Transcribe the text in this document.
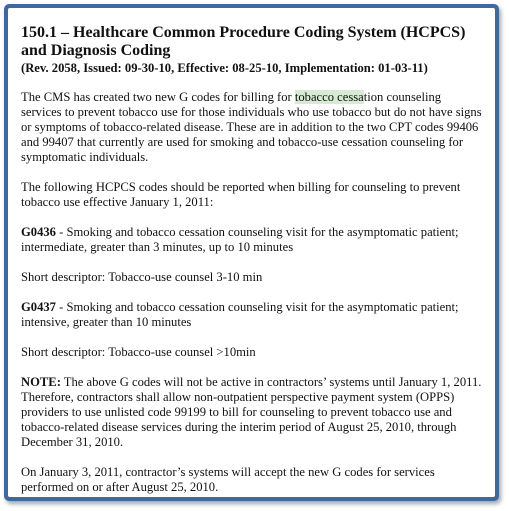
150.1 – Healthcare Common Procedure Coding System (HCPCS) and Diagnosis Coding
(Rev. 2058, Issued: 09-30-10, Effective: 08-25-10, Implementation: 01-03-11)

The CMS has created two new G codes for billing for tobacco cessation counseling services to prevent tobacco use for those individuals who use tobacco but do not have signs or symptoms of tobacco-related disease. These are in addition to the two CPT codes 99406 and 99407 that currently are used for smoking and tobacco-use cessation counseling for symptomatic individuals.

The following HCPCS codes should be reported when billing for counseling to prevent tobacco use effective January 1, 2011:

G0436 - Smoking and tobacco cessation counseling visit for the asymptomatic patient; intermediate, greater than 3 minutes, up to 10 minutes

Short descriptor: Tobacco-use counsel 3-10 min

G0437 - Smoking and tobacco cessation counseling visit for the asymptomatic patient; intensive, greater than 10 minutes

Short descriptor: Tobacco-use counsel >10min

NOTE: The above G codes will not be active in contractors’ systems until January 1, 2011. Therefore, contractors shall allow non-outpatient perspective payment system (OPPS) providers to use unlisted code 99199 to bill for counseling to prevent tobacco use and tobacco-related disease services during the interim period of August 25, 2010, through December 31, 2010.

On January 3, 2011, contractor’s systems will accept the new G codes for services performed on or after August 25, 2010.
